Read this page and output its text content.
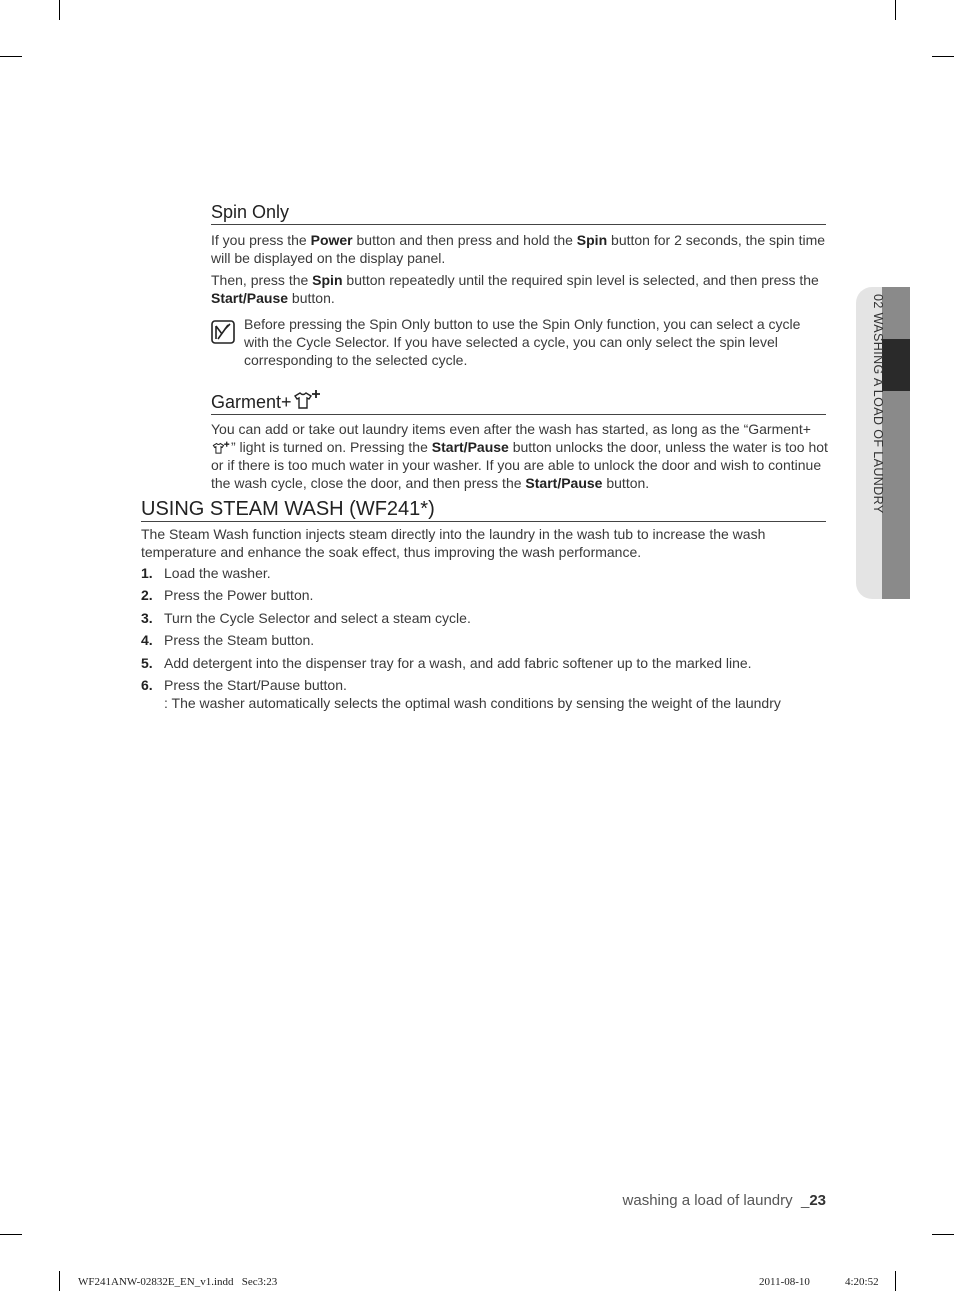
02 WASHING A LOAD OF LAUNDRY
Spin Only
If you press the Power button and then press and hold the Spin button for 2 seconds, the spin time will be displayed on the display panel.
Then, press the Spin button repeatedly until the required spin level is selected, and then press the Start/Pause button.
Before pressing the Spin Only button to use the Spin Only function, you can select a cycle with the Cycle Selector. If you have selected a cycle, you can only select the spin level corresponding to the selected cycle.
Garment+
You can add or take out laundry items even after the wash has started, as long as the “Garment+ ” light is turned on. Pressing the Start/Pause button unlocks the door, unless the water is too hot or if there is too much water in your washer. If you are able to unlock the door and wish to continue the wash cycle, close the door, and then press the Start/Pause button.
USING STEAM WASH (WF241*)
The Steam Wash function injects steam directly into the laundry in the wash tub to increase the wash temperature and enhance the soak effect, thus improving the wash performance.
1. Load the washer.
2. Press the Power button.
3. Turn the Cycle Selector and select a steam cycle.
4. Press the Steam button.
5. Add detergent into the dispenser tray for a wash, and add fabric softener up to the marked line.
6. Press the Start/Pause button.
: The washer automatically selects the optimal wash conditions by sensing the weight of the laundry
washing a load of laundry  _23
WF241ANW-02832E_EN_v1.indd   Sec3:23	2011-08-10	4:20:52
